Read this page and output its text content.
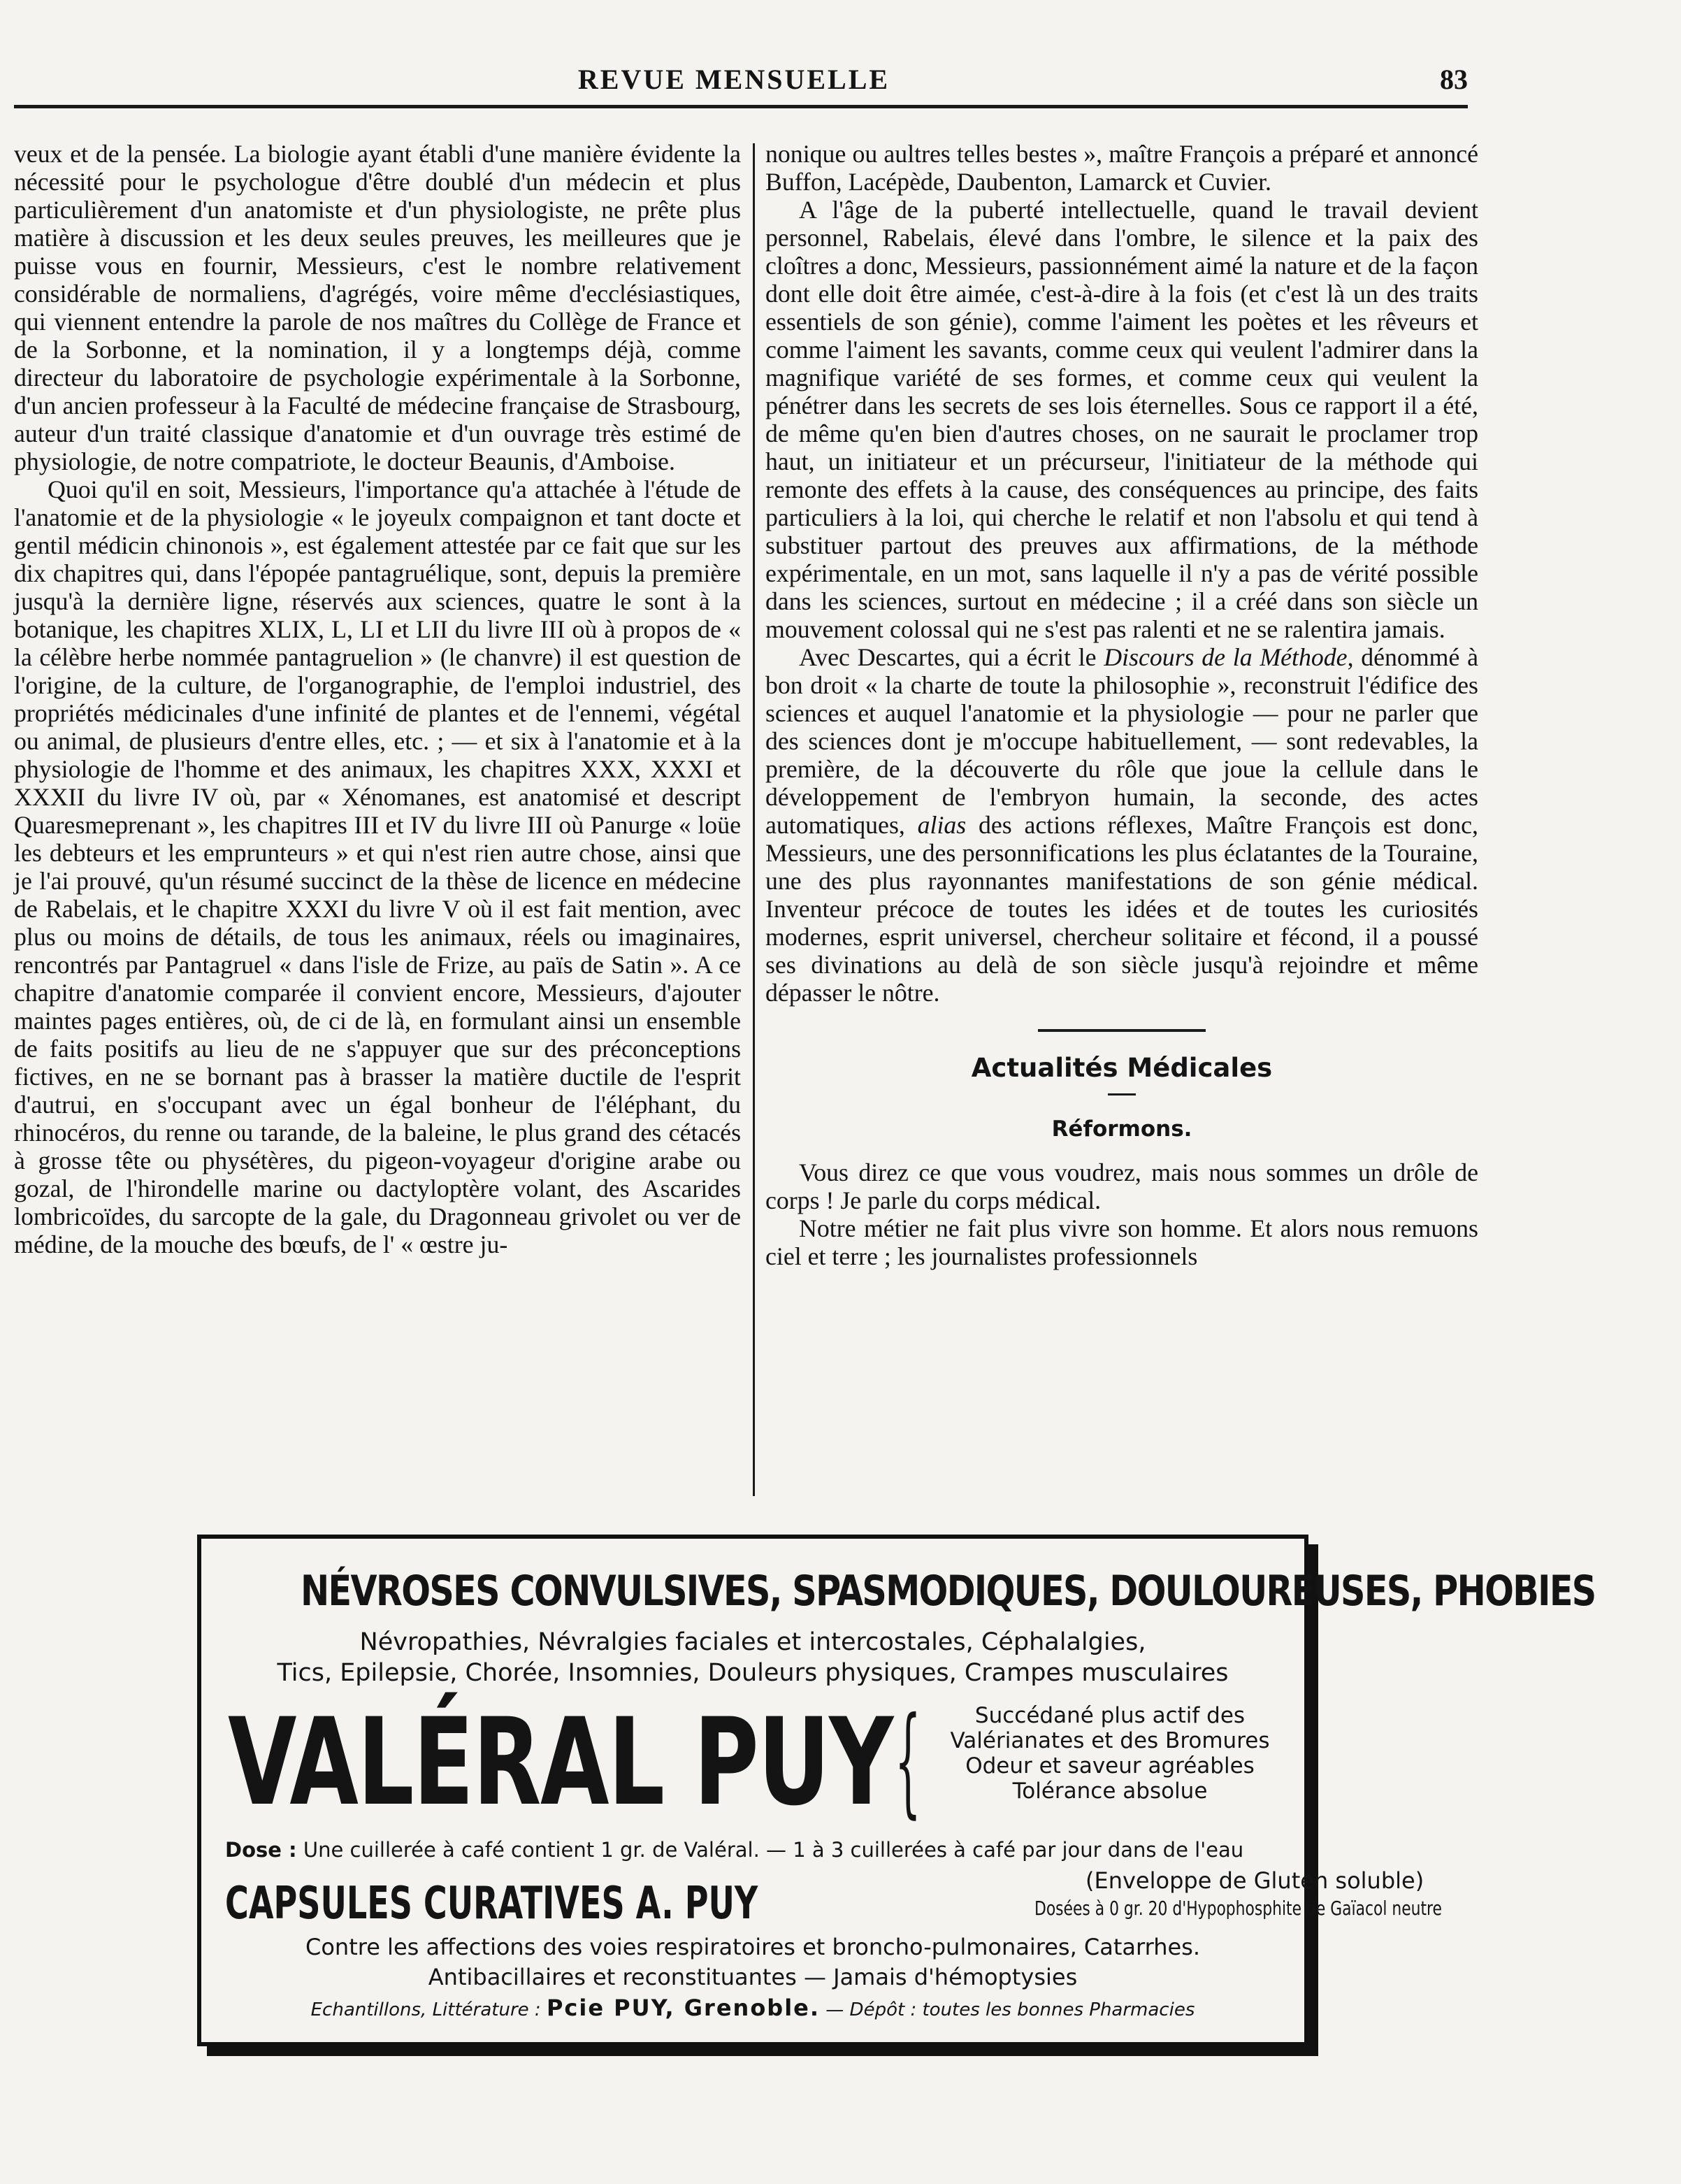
REVUE MENSUELLE	83

veux et de la pensée. La biologie ayant établi d'une manière évidente la nécessité pour le psychologue d'être doublé d'un médecin et plus particulièrement d'un anatomiste et d'un physiologiste, ne prête plus matière à discussion et les deux seules preuves, les meilleures que je puisse vous en fournir, Messieurs, c'est le nombre relativement considérable de normaliens, d'agrégés, voire même d'ecclésiastiques, qui viennent entendre la parole de nos maîtres du Collège de France et de la Sorbonne, et la nomination, il y a longtemps déjà, comme directeur du laboratoire de psychologie expérimentale à la Sorbonne, d'un ancien professeur à la Faculté de médecine française de Strasbourg, auteur d'un traité classique d'anatomie et d'un ouvrage très estimé de physiologie, de notre compatriote, le docteur Beaunis, d'Amboise.

Quoi qu'il en soit, Messieurs, l'importance qu'a attachée à l'étude de l'anatomie et de la physiologie « le joyeulx compaignon et tant docte et gentil médicin chinonois », est également attestée par ce fait que sur les dix chapitres qui, dans l'épopée pantagruélique, sont, depuis la première jusqu'à la dernière ligne, réservés aux sciences, quatre le sont à la botanique, les chapitres XLIX, L, LI et LII du livre III où à propos de « la célèbre herbe nommée pantagruelion » (le chanvre) il est question de l'origine, de la culture, de l'organographie, de l'emploi industriel, des propriétés médicinales d'une infinité de plantes et de l'ennemi, végétal ou animal, de plusieurs d'entre elles, etc. ; — et six à l'anatomie et à la physiologie de l'homme et des animaux, les chapitres XXX, XXXI et XXXII du livre IV où, par « Xénomanes, est anatomisé et descript Quaresmeprenant », les chapitres III et IV du livre III où Panurge « loüe les debteurs et les emprunteurs » et qui n'est rien autre chose, ainsi que je l'ai prouvé, qu'un résumé succinct de la thèse de licence en médecine de Rabelais, et le chapitre XXXI du livre V où il est fait mention, avec plus ou moins de détails, de tous les animaux, réels ou imaginaires, rencontrés par Pantagruel « dans l'isle de Frize, au païs de Satin ». A ce chapitre d'anatomie comparée il convient encore, Messieurs, d'ajouter maintes pages entières, où, de ci de là, en formulant ainsi un ensemble de faits positifs au lieu de ne s'appuyer que sur des préconceptions fictives, en ne se bornant pas à brasser la matière ductile de l'esprit d'autrui, en s'occupant avec un égal bonheur de l'éléphant, du rhinocéros, du renne ou tarande, de la baleine, le plus grand des cétacés à grosse tête ou physétères, du pigeon-voyageur d'origine arabe ou gozal, de l'hirondelle marine ou dactyloptère volant, des Ascarides lombricoïdes, du sarcopte de la gale, du Dragonneau grivolet ou ver de médine, de la mouche des bœufs, de l' « œstre ju-

nonique ou aultres telles bestes », maître François a préparé et annoncé Buffon, Lacépède, Daubenton, Lamarck et Cuvier.

A l'âge de la puberté intellectuelle, quand le travail devient personnel, Rabelais, élevé dans l'ombre, le silence et la paix des cloîtres a donc, Messieurs, passionnément aimé la nature et de la façon dont elle doit être aimée, c'est-à-dire à la fois (et c'est là un des traits essentiels de son génie), comme l'aiment les poètes et les rêveurs et comme l'aiment les savants, comme ceux qui veulent l'admirer dans la magnifique variété de ses formes, et comme ceux qui veulent la pénétrer dans les secrets de ses lois éternelles. Sous ce rapport il a été, de même qu'en bien d'autres choses, on ne saurait le proclamer trop haut, un initiateur et un précurseur, l'initiateur de la méthode qui remonte des effets à la cause, des conséquences au principe, des faits particuliers à la loi, qui cherche le relatif et non l'absolu et qui tend à substituer partout des preuves aux affirmations, de la méthode expérimentale, en un mot, sans laquelle il n'y a pas de vérité possible dans les sciences, surtout en médecine ; il a créé dans son siècle un mouvement colossal qui ne s'est pas ralenti et ne se ralentira jamais.

Avec Descartes, qui a écrit le Discours de la Méthode, dénommé à bon droit « la charte de toute la philosophie », reconstruit l'édifice des sciences et auquel l'anatomie et la physiologie — pour ne parler que des sciences dont je m'occupe habituellement, — sont redevables, la première, de la découverte du rôle que joue la cellule dans le développement de l'embryon humain, la seconde, des actes automatiques, alias des actions réflexes, Maître François est donc, Messieurs, une des personnifications les plus éclatantes de la Touraine, une des plus rayonnantes manifestations de son génie médical. Inventeur précoce de toutes les idées et de toutes les curiosités modernes, esprit universel, chercheur solitaire et fécond, il a poussé ses divinations au delà de son siècle jusqu'à rejoindre et même dépasser le nôtre.

Actualités Médicales
Réformons.

Vous direz ce que vous voudrez, mais nous sommes un drôle de corps ! Je parle du corps médical.

Notre métier ne fait plus vivre son homme. Et alors nous remuons ciel et terre ; les journalistes professionnels

NÉVROSES CONVULSIVES, SPASMODIQUES, DOULOUREUSES, PHOBIES
Névropathies, Névralgies faciales et intercostales, Céphalalgies,
Tics, Epilepsie, Chorée, Insomnies, Douleurs physiques, Crampes musculaires
VALÉRAL PUY {	Succédané plus actif des
Valérianates et des Bromures
Odeur et saveur agréables
Tolérance absolue
Dose : Une cuillerée à café contient 1 gr. de Valéral. — 1 à 3 cuillerées à café par jour dans de l'eau
CAPSULES CURATIVES A. PUY	(Enveloppe de Gluten soluble)
Dosées à 0 gr. 20 d'Hypophosphite de Gaïacol neutre
Contre les affections des voies respiratoires et broncho-pulmonaires, Catarrhes.
Antibacillaires et reconstituantes — Jamais d'hémoptysies
Echantillons, Littérature : Pcie PUY, Grenoble. — Dépôt : toutes les bonnes Pharmacies
